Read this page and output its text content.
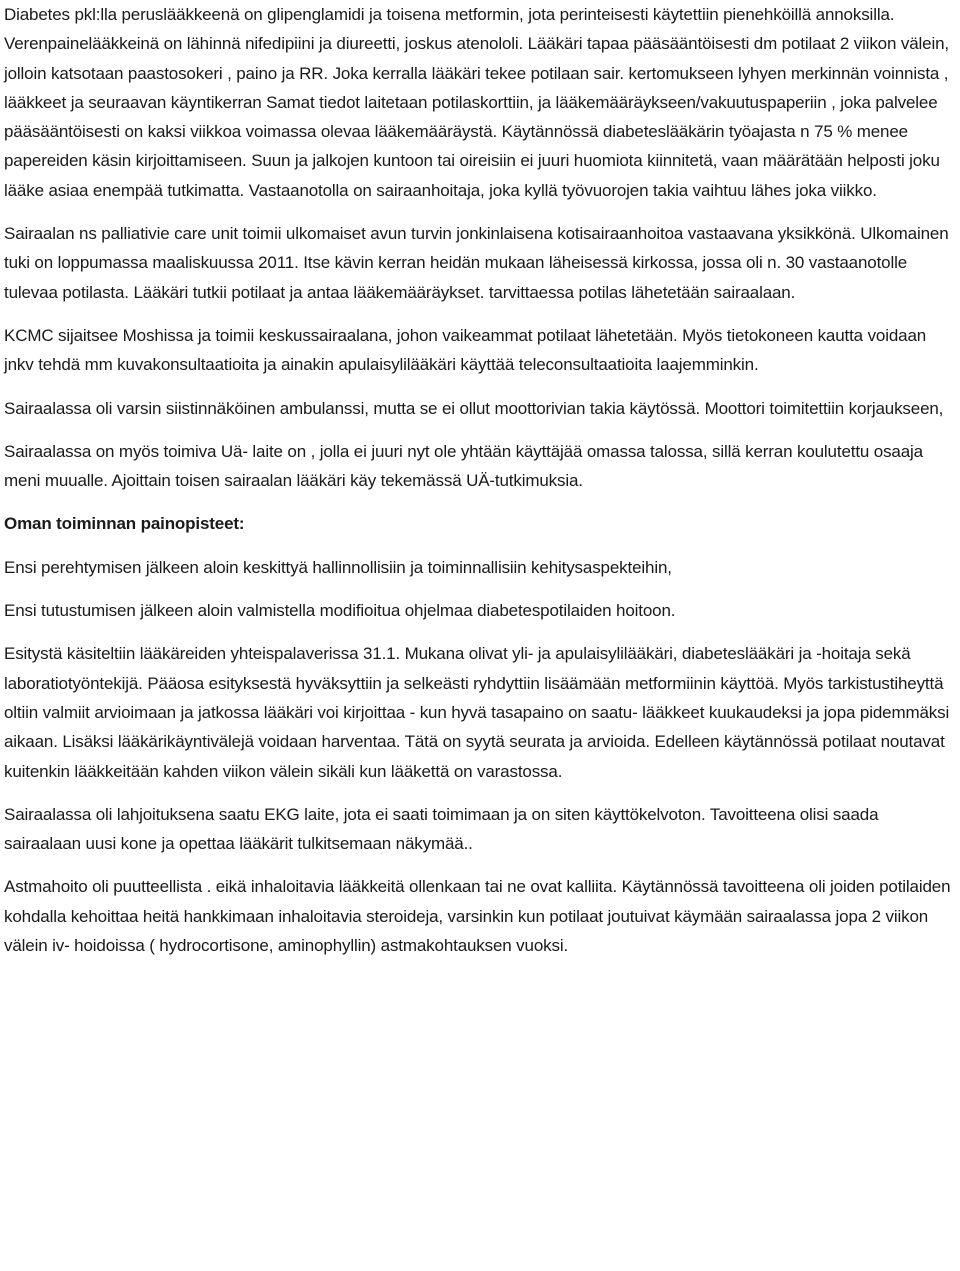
Diabetes pkl:lla peruslääkkeenä on glipenglamidi ja toisena metformin, jota perinteisesti käytettiin pienehköillä annoksilla. Verenpainelääkkeinä on lähinnä nifedipiini ja diureetti, joskus atenololi. Lääkäri tapaa pääsääntöisesti dm potilaat 2 viikon välein, jolloin katsotaan paastosokeri , paino ja RR. Joka kerralla lääkäri tekee potilaan sair. kertomukseen lyhyen merkinnän voinnista , lääkkeet ja seuraavan käyntikerran Samat tiedot laitetaan potilaskorttiin, ja lääkemääräykseen/vakuutuspaperiin , joka palvelee pääsääntöisesti on kaksi viikkoa voimassa olevaa lääkemääräystä. Käytännössä diabeteslääkärin työajasta n 75 % menee papereiden käsin kirjoittamiseen. Suun ja jalkojen kuntoon tai oireisiin ei juuri huomiota kiinnitetä, vaan määrätään helposti joku lääke asiaa enempää tutkimatta. Vastaanotolla on sairaanhoitaja, joka kyllä työvuorojen takia vaihtuu lähes joka viikko.

Sairaalan ns palliativie care unit toimii ulkomaiset avun turvin jonkinlaisena kotisairaanhoitoa vastaavana yksikkönä. Ulkomainen tuki on loppumassa maaliskuussa 2011. Itse kävin kerran heidän mukaan läheisessä kirkossa, jossa oli n. 30 vastaanotolle tulevaa potilasta. Lääkäri tutkii potilaat ja antaa lääkemääräykset. tarvittaessa potilas lähetetään sairaalaan.

KCMC sijaitsee Moshissa ja toimii keskussairaalana, johon vaikeammat potilaat lähetetään. Myös tietokoneen kautta voidaan jnkv tehdä mm kuvakonsultaatioita ja ainakin apulaisylilääkäri käyttää teleconsultaatioita laajemminkin.

Sairaalassa oli varsin siistinnäköinen ambulanssi, mutta se ei ollut moottorivian takia käytössä. Moottori toimitettiin korjaukseen,

Sairaalassa on myös toimiva Uä- laite on , jolla ei juuri nyt ole yhtään käyttäjää omassa talossa, sillä kerran koulutettu osaaja meni muualle. Ajoittain toisen sairaalan lääkäri käy tekemässä UÄ-tutkimuksia.

Oman toiminnan painopisteet:

Ensi perehtymisen jälkeen aloin keskittyä hallinnollisiin ja toiminnallisiin kehitysaspekteihin,

Ensi tutustumisen jälkeen aloin valmistella modifioitua ohjelmaa diabetespotilaiden hoitoon.

Esitystä käsiteltiin lääkäreiden yhteispalaverissa 31.1. Mukana olivat yli- ja apulaisylilääkäri, diabeteslääkäri ja -hoitaja sekä laboratiotyöntekijä. Pääosa esityksestä hyväksyttiin ja selkeästi ryhdyttiin lisäämään metformiinin käyttöä. Myös tarkistustiheyttä oltiin valmiit arvioimaan ja jatkossa lääkäri voi kirjoittaa - kun hyvä tasapaino on saatu- lääkkeet kuukaudeksi ja jopa pidemmäksi aikaan. Lisäksi lääkärikäyntivälejä voidaan harventaa. Tätä on syytä seurata ja arvioida. Edelleen käytännössä potilaat noutavat kuitenkin lääkkeitään kahden viikon välein sikäli kun lääkettä on varastossa.

Sairaalassa oli lahjoituksena saatu EKG laite, jota ei saati toimimaan ja on siten käyttökelvoton. Tavoitteena olisi saada sairaalaan uusi kone ja opettaa lääkärit tulkitsemaan näkymää..

Astmahoito oli puutteellista . eikä inhaloitavia lääkkeitä ollenkaan tai ne ovat kalliita. Käytännössä tavoitteena oli joiden potilaiden kohdalla kehoittaa heitä hankkimaan inhaloitavia steroideja, varsinkin kun potilaat joutuivat käymään sairaalassa jopa 2 viikon välein iv- hoidoissa ( hydrocortisone, aminophyllin) astmakohtauksen vuoksi.
